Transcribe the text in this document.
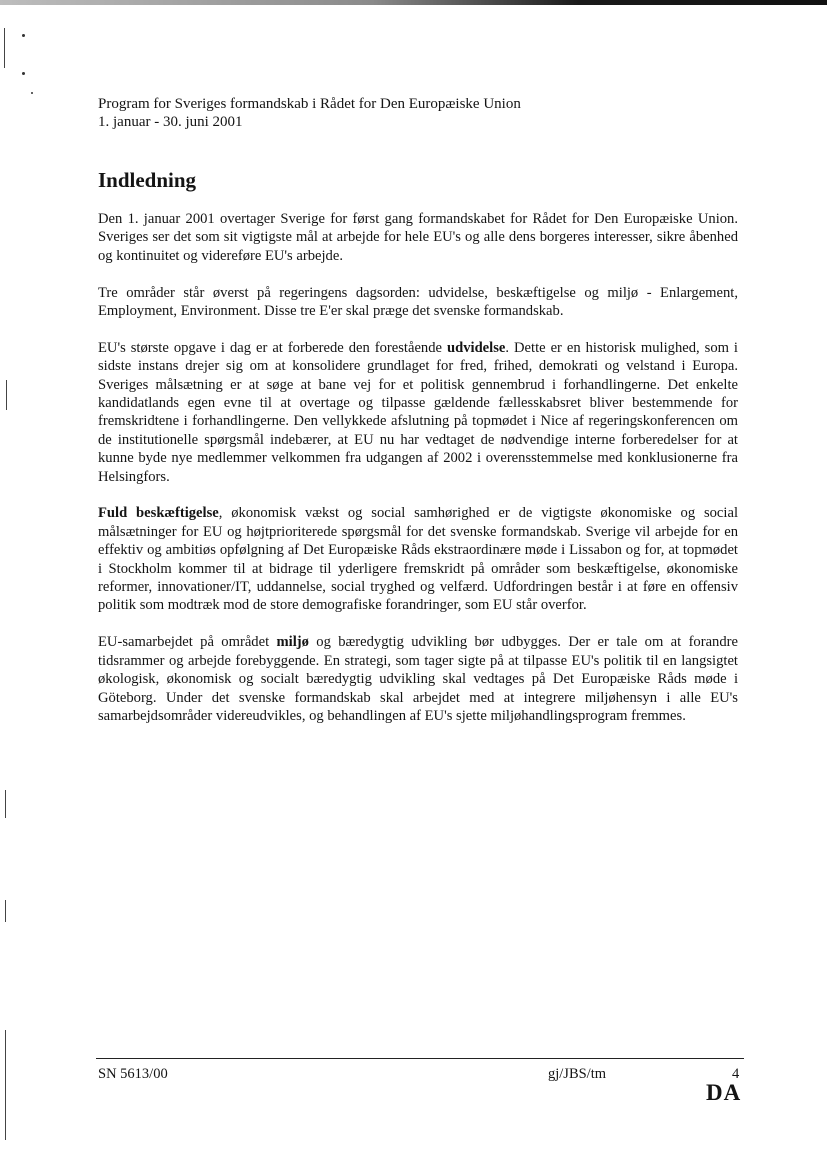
Program for Sveriges formandskab i Rådet for Den Europæiske Union
1. januar - 30. juni 2001
Indledning

Den 1. januar 2001 overtager Sverige for først gang formandskabet for Rådet for Den Europæiske Union. Sveriges ser det som sit vigtigste mål at arbejde for hele EU's og alle dens borgeres interesser, sikre åbenhed og kontinuitet og videreføre EU's arbejde.

Tre områder står øverst på regeringens dagsorden: udvidelse, beskæftigelse og miljø - Enlargement, Employment, Environment. Disse tre E'er skal præge det svenske formandskab.

EU's største opgave i dag er at forberede den forestående udvidelse. Dette er en historisk mulighed, som i sidste instans drejer sig om at konsolidere grundlaget for fred, frihed, demokrati og velstand i Europa. Sveriges målsætning er at søge at bane vej for et politisk gennembrud i forhandlingerne. Det enkelte kandidatlands egen evne til at overtage og tilpasse gældende fællesskabsret bliver bestemmende for fremskridtene i forhandlingerne. Den vellykkede afslutning på topmødet i Nice af regeringskonferencen om de institutionelle spørgsmål indebærer, at EU nu har vedtaget de nødvendige interne forberedelser for at kunne byde nye medlemmer velkommen fra udgangen af 2002 i overensstemmelse med konklusionerne fra Helsingfors.

Fuld beskæftigelse, økonomisk vækst og social samhørighed er de vigtigste økonomiske og social målsætninger for EU og højtprioriterede spørgsmål for det svenske formandskab. Sverige vil arbejde for en effektiv og ambitiøs opfølgning af Det Europæiske Råds ekstraordinære møde i Lissabon og for, at topmødet i Stockholm kommer til at bidrage til yderligere fremskridt på områder som beskæftigelse, økonomiske reformer, innovationer/IT, uddannelse, social tryghed og velfærd. Udfordringen består i at føre en offensiv politik som modtræk mod de store demografiske forandringer, som EU står overfor.

EU-samarbejdet på området miljø og bæredygtig udvikling bør udbygges. Der er tale om at forandre tidsrammer og arbejde forebyggende. En strategi, som tager sigte på at tilpasse EU's politik til en langsigtet økologisk, økonomisk og socialt bæredygtig udvikling skal vedtages på Det Europæiske Råds møde i Göteborg. Under det svenske formandskab skal arbejdet med at integrere miljøhensyn i alle EU's samarbejdsområder videreudvikles, og behandlingen af EU's sjette miljøhandlingsprogram fremmes.

SN 5613/00	gj/JBS/tm	4
DA
